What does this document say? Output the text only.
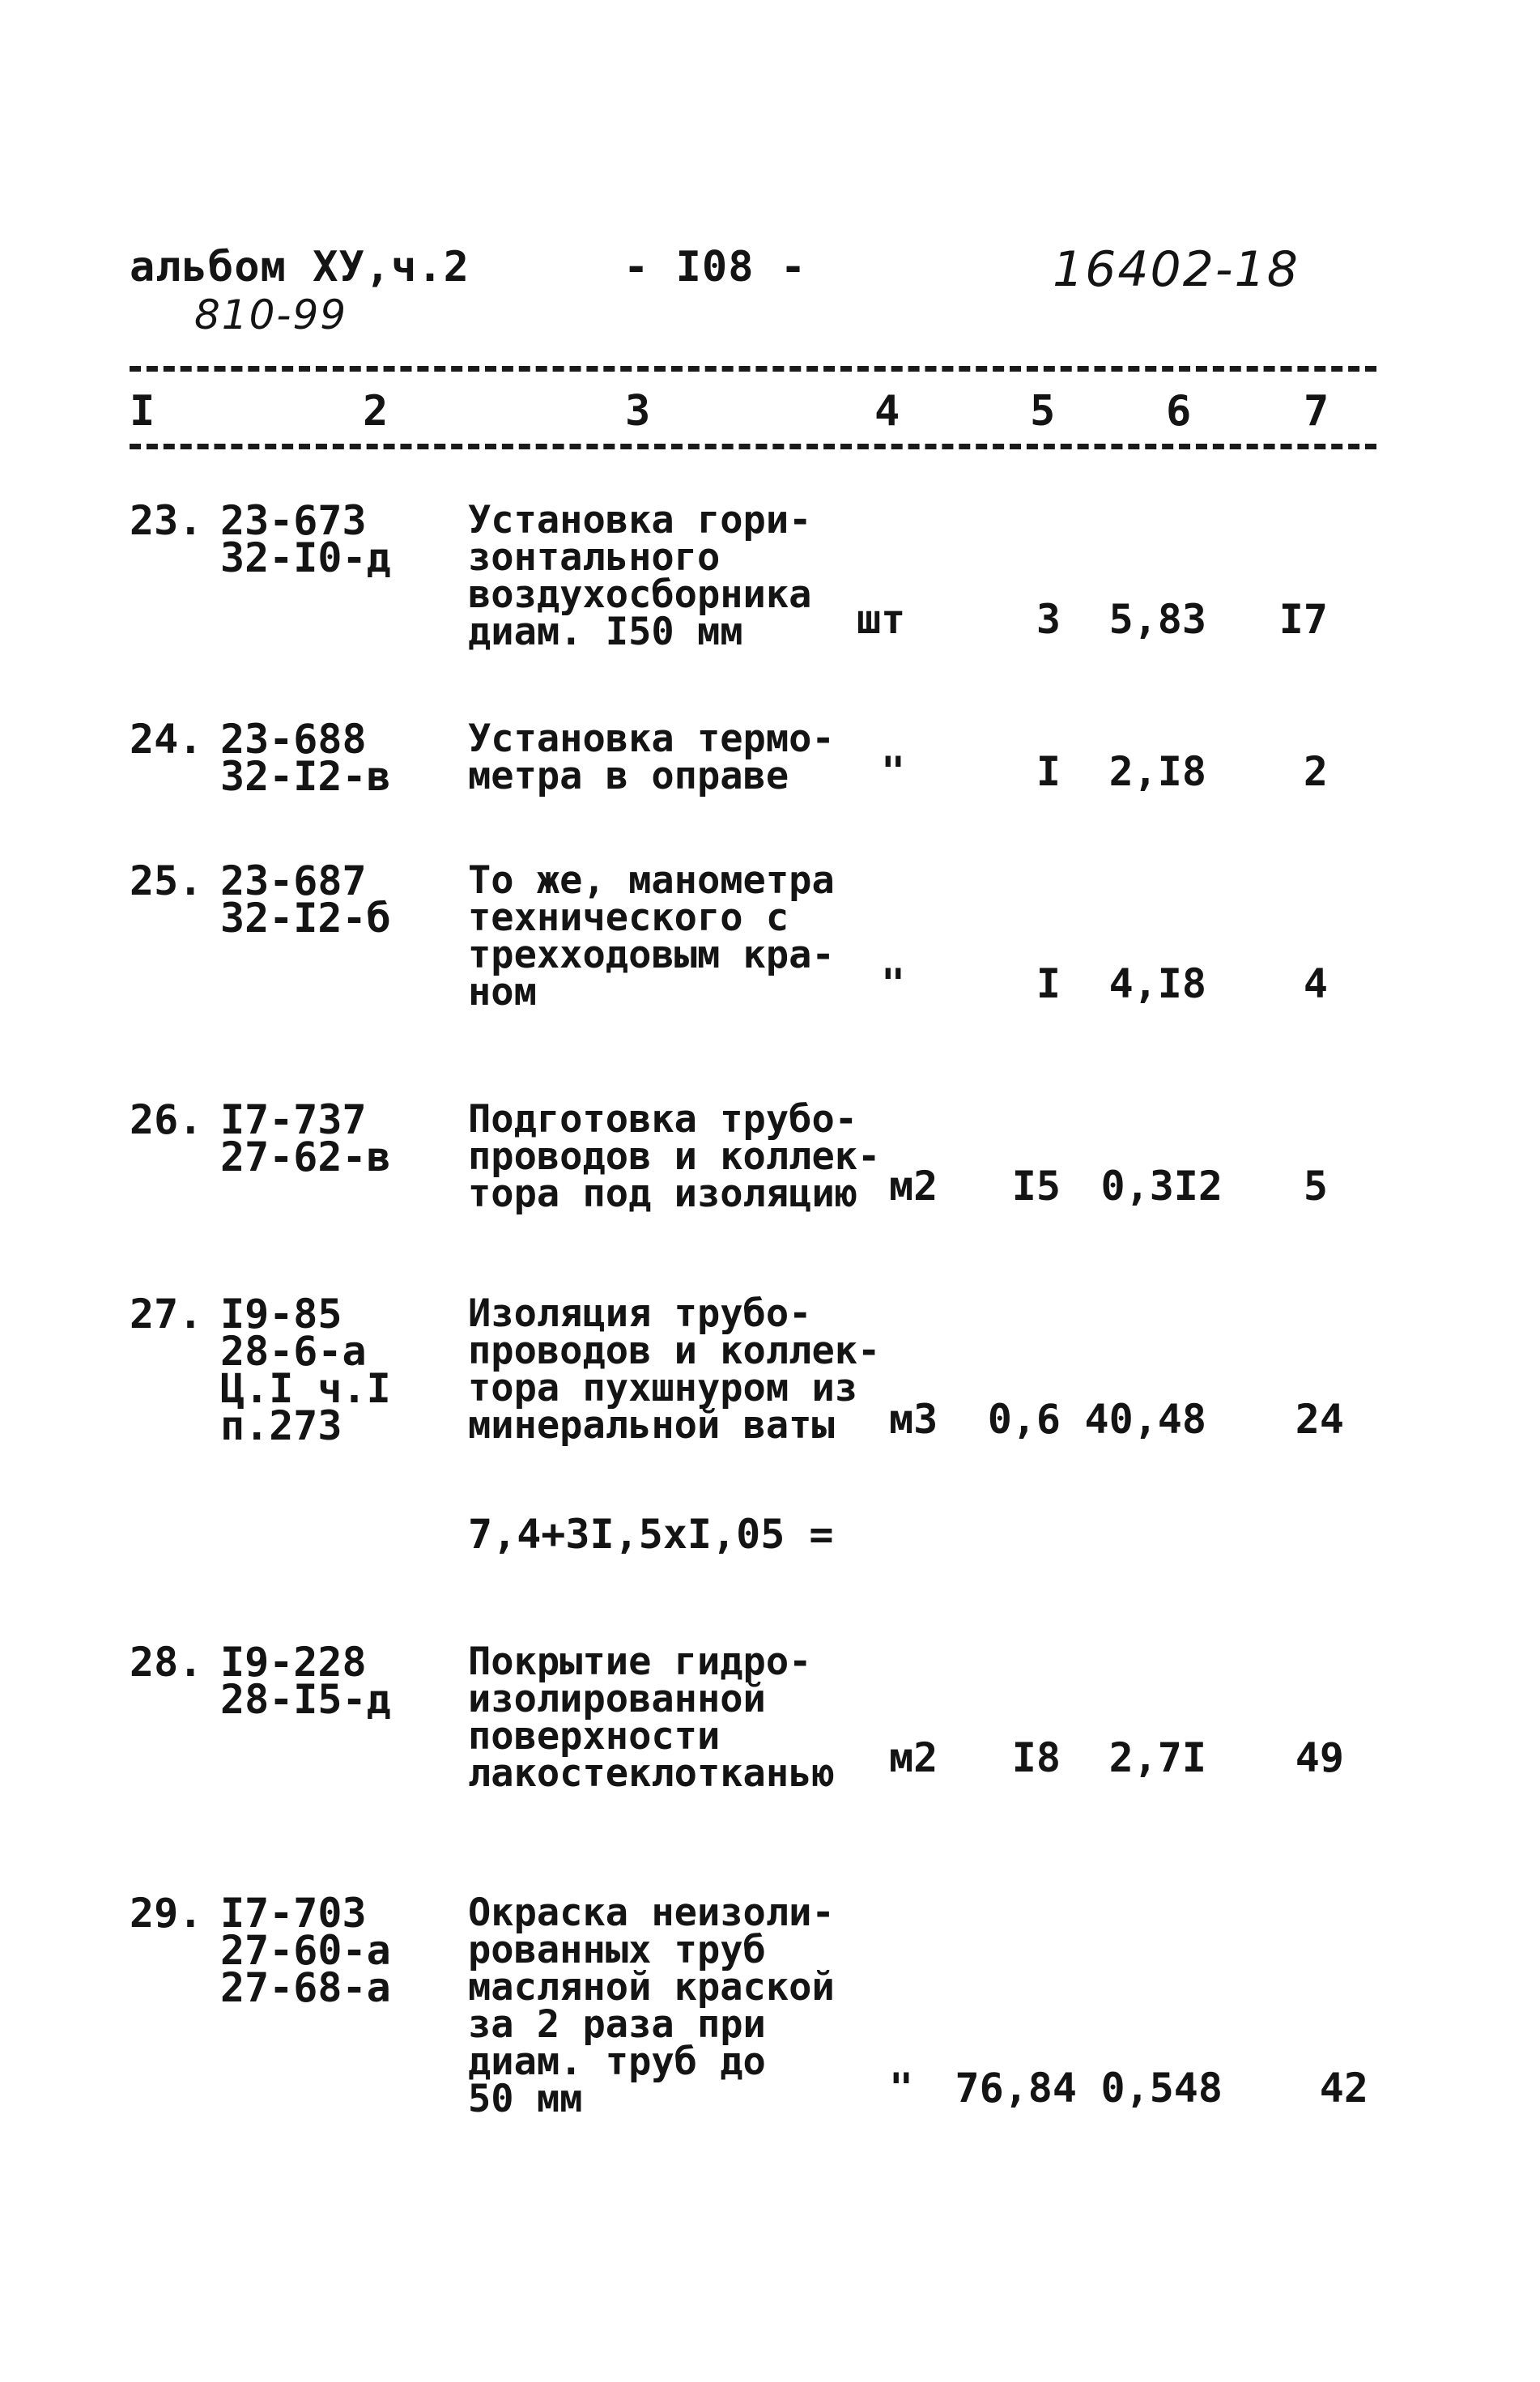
альбом XУ,ч.2
810-99
- I08 -	16402-18
I	2	3	4	5	6	7
23. 23-673
32-I0-д
Установка гори-
зонтального
воздухосборника
диам. I50 мм	шт	3	5,83	I7
24. 23-688
32-I2-в
Установка термо-
метра в оправе	"	I	2,I8	2
25. 23-687
32-I2-б
То же, манометра
технического с
трехходовым кра-
ном	"	I	4,I8	4
26. I7-737
27-62-в
Подготовка трубо-
проводов и коллек-
тора под изоляцию м2	I5 0,3I2	5
27. I9-85
28-6-а
Ц.I ч.I
п.273
Изоляция трубо-
проводов и коллек-
тора пухшнуром из
минеральной ваты	м3	0,6 40,48	24
7,4+3I,5xI,05 =
28. I9-228
28-I5-д
Покрытие гидро-
изолированной
поверхности
лакостеклотканью м2	I8	2,7I	49
29. I7-703
27-60-а
27-68-а
Окраска неизоли-
рованных труб
масляной краской
за 2 раза при
диам. труб до
50 мм	"	76,84 0,548	42
